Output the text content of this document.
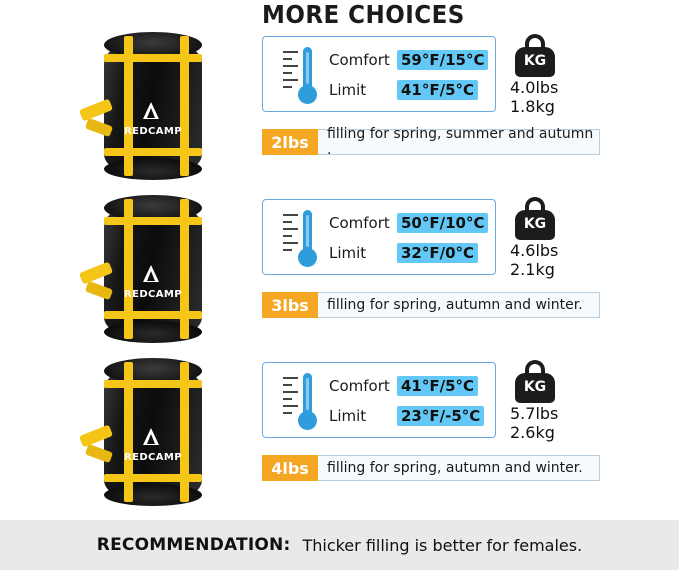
MORE CHOICES
REDCAMP
Comfort 59°F/15°C
Limit	41°F/5°C
KG
4.0lbs
1.8kg
2lbs	filling for spring, summer and autumn .
REDCAMP
Comfort 50°F/10°C
Limit	32°F/0°C
KG
4.6lbs
2.1kg
3lbs	filling for spring, autumn and winter.
REDCAMP
Comfort 41°F/5°C
Limit	23°F/-5°C
KG
5.7lbs
2.6kg
4lbs	filling for spring, autumn and winter.
RECOMMENDATION: Thicker filling is better for females.
